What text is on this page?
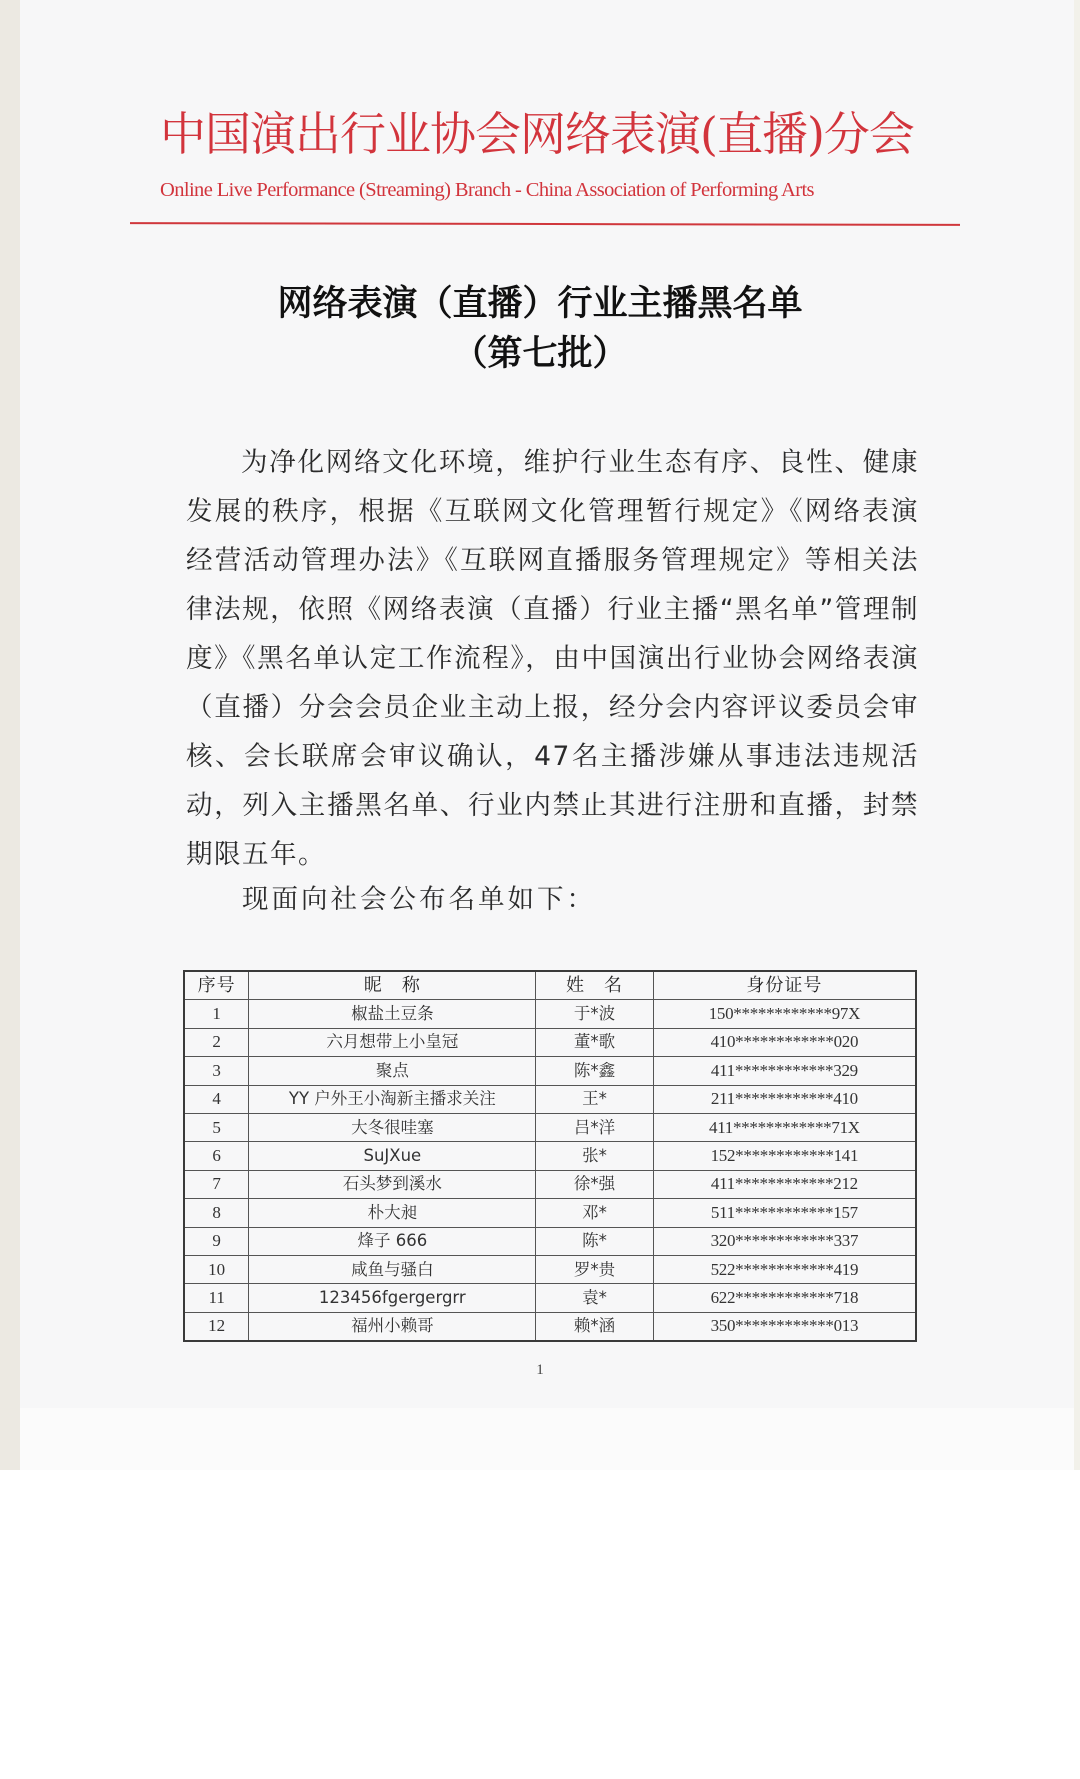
中国演出行业协会网络表演(直播)分会
Online Live Performance (Streaming) Branch - China Association of Performing Arts
网络表演（直播）行业主播黑名单
（第七批）

为净化网络文化环境，维护行业生态有序、良性、健康发展的秩序，根据《互联网文化管理暂行规定》《网络表演经营活动管理办法》《互联网直播服务管理规定》等相关法律法规，依照《网络表演（直播）行业主播“黑名单”管理制度》《黑名单认定工作流程》，由中国演出行业协会网络表演（直播）分会会员企业主动上报，经分会内容评议委员会审核、会长联席会审议确认，47名主播涉嫌从事违法违规活动，列入主播黑名单、行业内禁止其进行注册和直播，封禁期限五年。

现面向社会公布名单如下：
序号	昵　称	姓　名	身份证号
1	椒盐土豆条	于*波	150************97X
2	六月想带上小皇冠	董*歌	410************020
3	聚点	陈*鑫	411************329
4	YY 户外王小淘新主播求关注	王*	211************410
5	大冬很哇塞	吕*洋	411************71X
6	SuJXue	张*	152************141
7	石头梦到溪水	徐*强	411************212
8	朴大昶	邓*	511************157
9	烽子 666	陈*	320************337
10	咸鱼与骚白	罗*贵	522************419
11	123456fgergergrr	袁*	622************718
12	福州小赖哥	赖*涵	350************013
1
